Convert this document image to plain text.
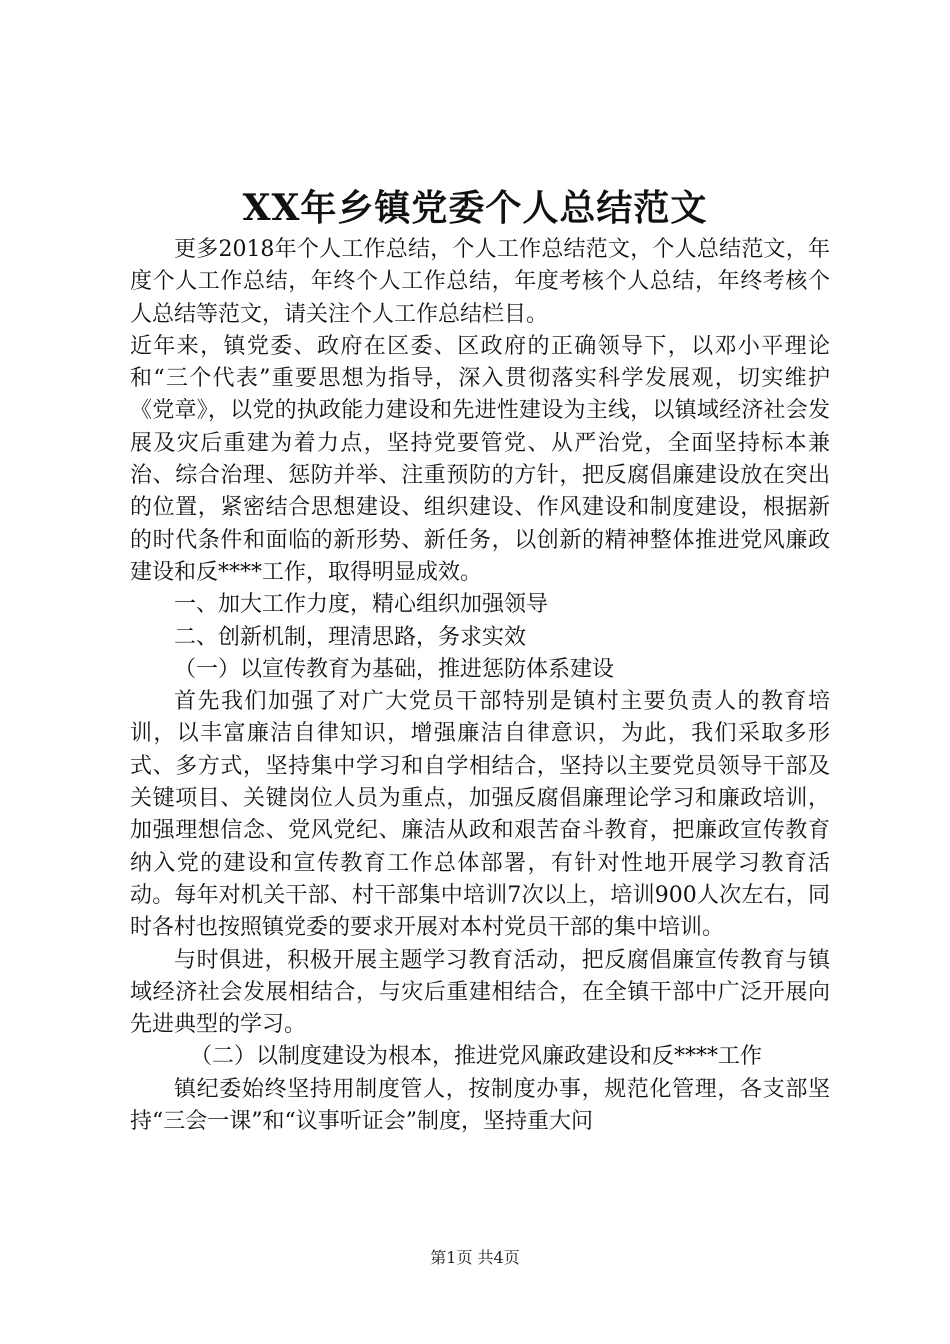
XX年乡镇党委个人总结范文

更多2018年个人工作总结，个人工作总结范文，个人总结范文，年度个人工作总结，年终个人工作总结，年度考核个人总结，年终考核个人总结等范文，请关注个人工作总结栏目。

近年来，镇党委、政府在区委、区政府的正确领导下，以邓小平理论和“三个代表”重要思想为指导，深入贯彻落实科学发展观，切实维护《党章》，以党的执政能力建设和先进性建设为主线，以镇域经济社会发展及灾后重建为着力点，坚持党要管党、从严治党，全面坚持标本兼治、综合治理、惩防并举、注重预防的方针，把反腐倡廉建设放在突出的位置，紧密结合思想建设、组织建设、作风建设和制度建设，根据新的时代条件和面临的新形势、新任务，以创新的精神整体推进党风廉政建设和反****工作，取得明显成效。

一、加大工作力度，精心组织加强领导

二、创新机制，理清思路，务求实效

（一）以宣传教育为基础，推进惩防体系建设

首先我们加强了对广大党员干部特别是镇村主要负责人的教育培训，以丰富廉洁自律知识，增强廉洁自律意识，为此，我们采取多形式、多方式，坚持集中学习和自学相结合，坚持以主要党员领导干部及关键项目、关键岗位人员为重点，加强反腐倡廉理论学习和廉政培训，加强理想信念、党风党纪、廉洁从政和艰苦奋斗教育，把廉政宣传教育纳入党的建设和宣传教育工作总体部署，有针对性地开展学习教育活动。每年对机关干部、村干部集中培训7次以上，培训900人次左右，同时各村也按照镇党委的要求开展对本村党员干部的集中培训。

与时俱进，积极开展主题学习教育活动，把反腐倡廉宣传教育与镇域经济社会发展相结合，与灾后重建相结合，在全镇干部中广泛开展向先进典型的学习。

（二）以制度建设为根本，推进党风廉政建设和反****工作

镇纪委始终坚持用制度管人，按制度办事，规范化管理，各支部坚持“三会一课”和“议事听证会”制度，坚持重大问

第1页 共4页
